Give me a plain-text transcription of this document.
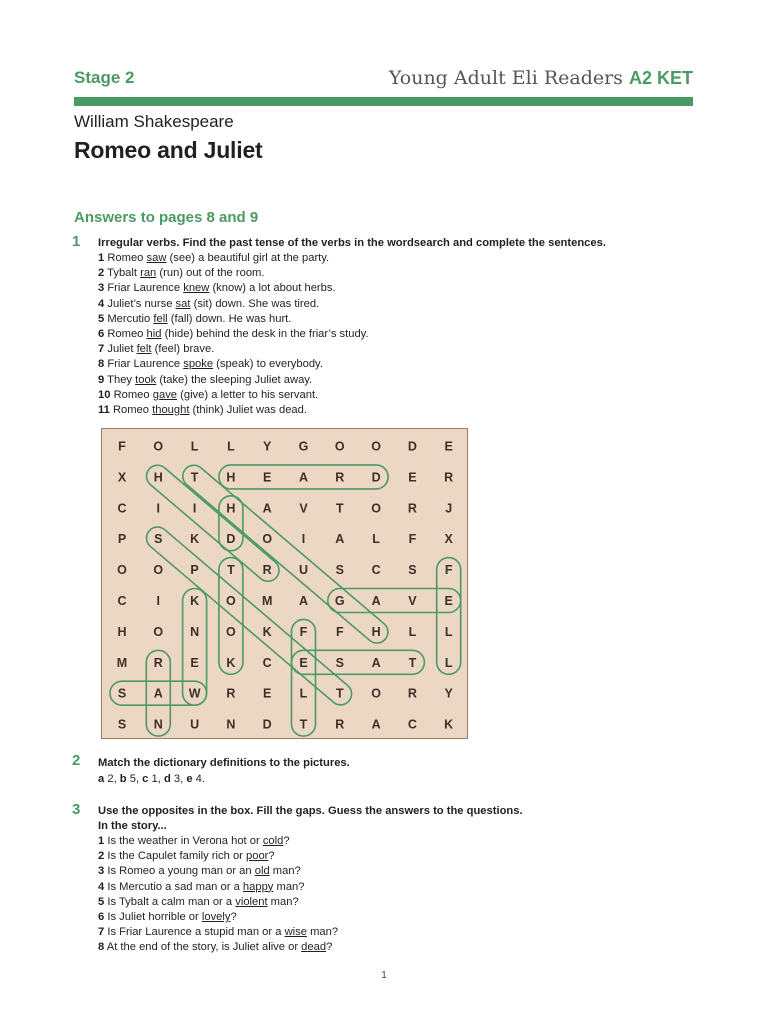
Stage 2	Young Adult Eli Readers A2 KET
William Shakespeare
Romeo and Juliet
Answers to pages 8 and 9
1 Irregular verbs. Find the past tense of the verbs in the wordsearch and complete the sentences.
1 Romeo saw (see) a beautiful girl at the party.
2 Tybalt ran (run) out of the room.
3 Friar Laurence knew (know) a lot about herbs.
4 Juliet’s nurse sat (sit) down. She was tired.
5 Mercutio fell (fall) down. He was hurt.
6 Romeo hid (hide) behind the desk in the friar’s study.
7 Juliet felt (feel) brave.
8 Friar Laurence spoke (speak) to everybody.
9 They took (take) the sleeping Juliet away.
10 Romeo gave (give) a letter to his servant.
11 Romeo thought (think) Juliet was dead.
F O L L Y G O O D E
X H T H E A R D E R
C I	I H A V T O R J
P S K D O I A L F X
O O P T R U S C S F
C I K O M A G A V E
H O N O K F F H L L
M R E K C E S A T L
S A W R E L T O R Y
S N U N D T R A C K
2 Match the dictionary definitions to the pictures.
a 2, b 5, c 1, d 3, e 4.
3 Use the opposites in the box. Fill the gaps. Guess the answers to the questions.
In the story...
1 Is the weather in Verona hot or cold?
2 Is the Capulet family rich or poor?
3 Is Romeo a young man or an old man?
4 Is Mercutio a sad man or a happy man?
5 Is Tybalt a calm man or a violent man?
6 Is Juliet horrible or lovely?
7 Is Friar Laurence a stupid man or a wise man?
8 At the end of the story, is Juliet alive or dead?
1
